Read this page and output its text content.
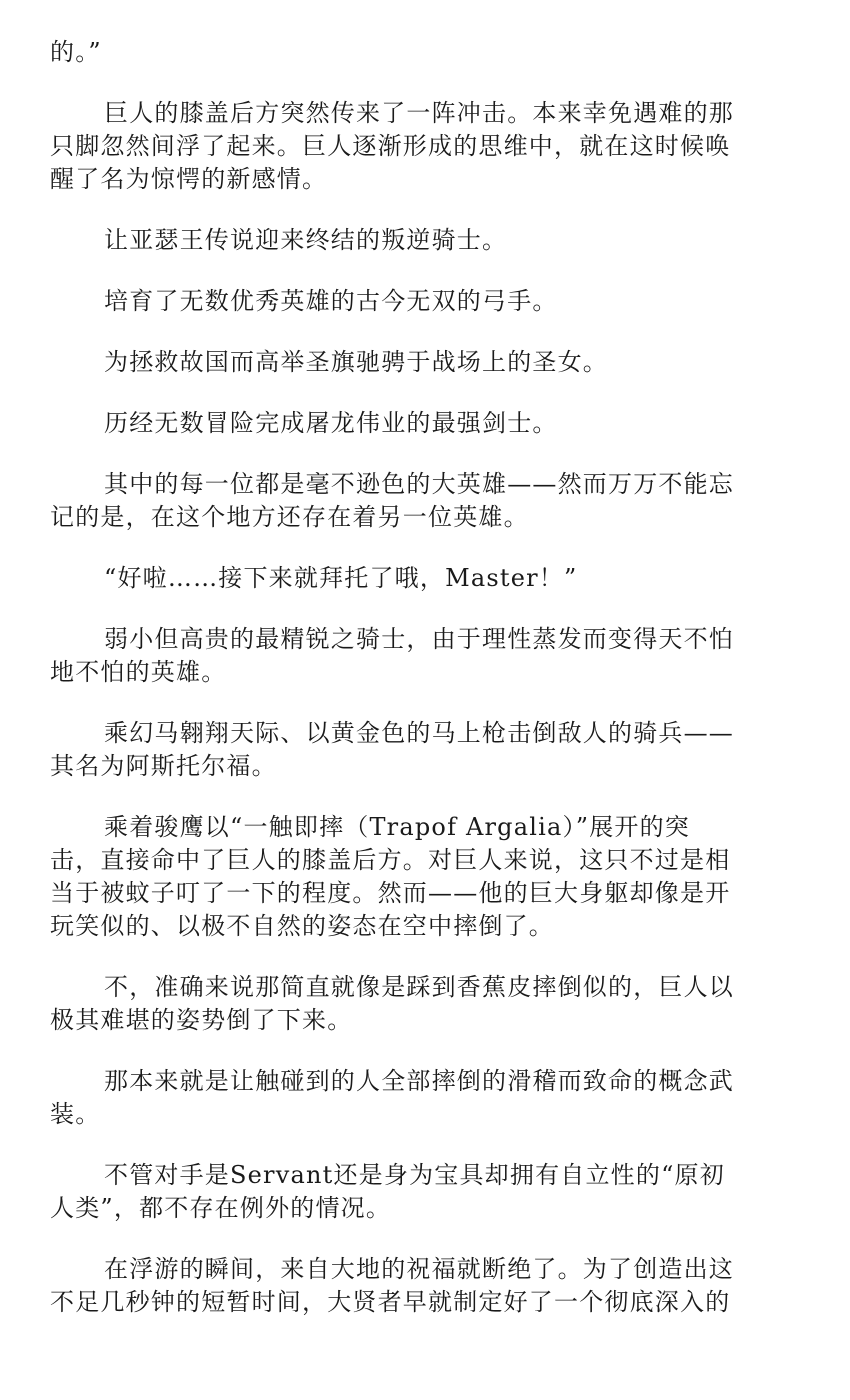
的。”
巨人的膝盖后方突然传来了一阵冲击。本来幸免遇难的那
只脚忽然间浮了起来。巨人逐渐形成的思维中，就在这时候唤
醒了名为惊愕的新感情。
让亚瑟王传说迎来终结的叛逆骑士。
培育了无数优秀英雄的古今无双的弓手。
为拯救故国而高举圣旗驰骋于战场上的圣女。
历经无数冒险完成屠龙伟业的最强剑士。
其中的每一位都是毫不逊色的大英雄——然而万万不能忘
记的是，在这个地方还存在着另一位英雄。
“好啦……接下来就拜托了哦，Master！”
弱小但高贵的最精锐之骑士，由于理性蒸发而变得天不怕
地不怕的英雄。
乘幻马翱翔天际、以黄金色的马上枪击倒敌人的骑兵——
其名为阿斯托尔福。
乘着骏鹰以“一触即摔（Trapof Argalia）”展开的突
击，直接命中了巨人的膝盖后方。对巨人来说，这只不过是相
当于被蚊子叮了一下的程度。然而——他的巨大身躯却像是开
玩笑似的、以极不自然的姿态在空中摔倒了。
不，准确来说那简直就像是踩到香蕉皮摔倒似的，巨人以
极其难堪的姿势倒了下来。
那本来就是让触碰到的人全部摔倒的滑稽而致命的概念武
装。
不管对手是Servant还是身为宝具却拥有自立性的“原初
人类”，都不存在例外的情况。
在浮游的瞬间，来自大地的祝福就断绝了。为了创造出这
不足几秒钟的短暂时间，大贤者早就制定好了一个彻底深入的
